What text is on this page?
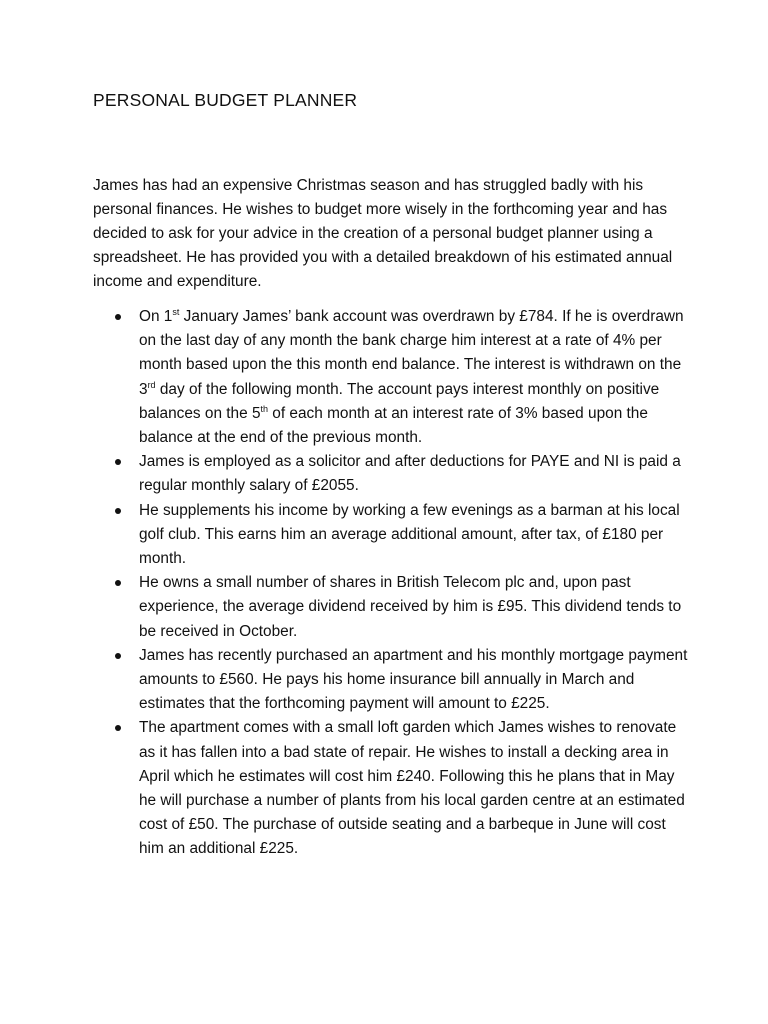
PERSONAL BUDGET PLANNER

James has had an expensive Christmas season and has struggled badly with his personal finances. He wishes to budget more wisely in the forthcoming year and has decided to ask for your advice in the creation of a personal budget planner using a spreadsheet. He has provided you with a detailed breakdown of his estimated annual income and expenditure.

On 1st January James’ bank account was overdrawn by £784. If he is overdrawn on the last day of any month the bank charge him interest at a rate of 4% per month based upon the this month end balance. The interest is withdrawn on the 3rd day of the following month. The account pays interest monthly on positive balances on the 5th of each month at an interest rate of 3% based upon the balance at the end of the previous month.
James is employed as a solicitor and after deductions for PAYE and NI is paid a regular monthly salary of £2055.
He supplements his income by working a few evenings as a barman at his local golf club. This earns him an average additional amount, after tax, of £180 per month.
He owns a small number of shares in British Telecom plc and, upon past experience, the average dividend received by him is £95. This dividend tends to be received in October.
James has recently purchased an apartment and his monthly mortgage payment amounts to £560. He pays his home insurance bill annually in March and estimates that the forthcoming payment will amount to £225.
The apartment comes with a small loft garden which James wishes to renovate as it has fallen into a bad state of repair. He wishes to install a decking area in April which he estimates will cost him £240. Following this he plans that in May he will purchase a number of plants from his local garden centre at an estimated cost of £50. The purchase of outside seating and a barbeque in June will cost him an additional £225.
